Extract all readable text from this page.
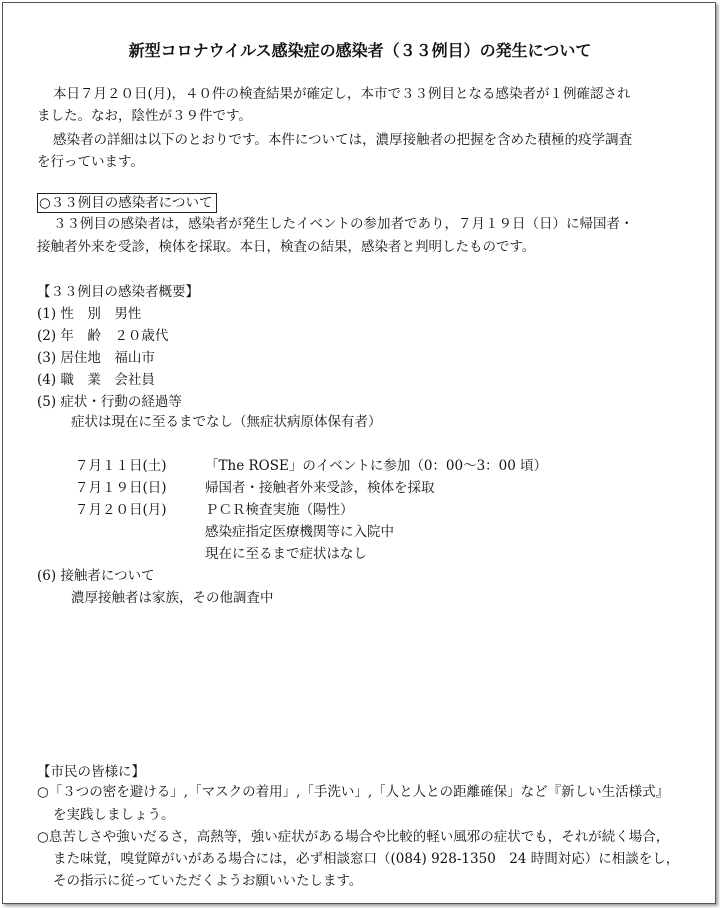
新型コロナウイルス感染症の感染者（３３例目）の発生について
本日７月２０日(月)，４０件の検査結果が確定し，本市で３３例目となる感染者が１例確認され
ました。なお，陰性が３９件です。
感染者の詳細は以下のとおりです。本件については，濃厚接触者の把握を含めた積極的疫学調査
を行っています。
○３３例目の感染者について
３３例目の感染者は，感染者が発生したイベントの参加者であり，７月１９日（日）に帰国者・
接触者外来を受診，検体を採取。本日，検査の結果，感染者と判明したものです。
【３３例目の感染者概要】
(1) 性　別　男性
(2) 年　齢　２０歳代
(3) 居住地　福山市
(4) 職　業　会社員
(5) 症状・行動の経過等
症状は現在に至るまでなし（無症状病原体保有者）
７月１１日(土)	「The ROSE」のイベントに参加（0：00〜3：00 頃）
７月１９日(日)	帰国者・接触者外来受診，検体を採取
７月２０日(月)	ＰＣＲ検査実施（陽性）
感染症指定医療機関等に入院中
現在に至るまで症状はなし
(6) 接触者について
濃厚接触者は家族，その他調査中
【市民の皆様に】
○「３つの密を避ける」,「マスクの着用」,「手洗い」,「人と人との距離確保」など『新しい生活様式』
を実践しましょう。
○息苦しさや強いだるさ，高熱等，強い症状がある場合や比較的軽い風邪の症状でも，それが続く場合，
また味覚，嗅覚障がいがある場合には，必ず相談窓口（(084) 928-1350　24 時間対応）に相談をし，
その指示に従っていただくようお願いいたします。
